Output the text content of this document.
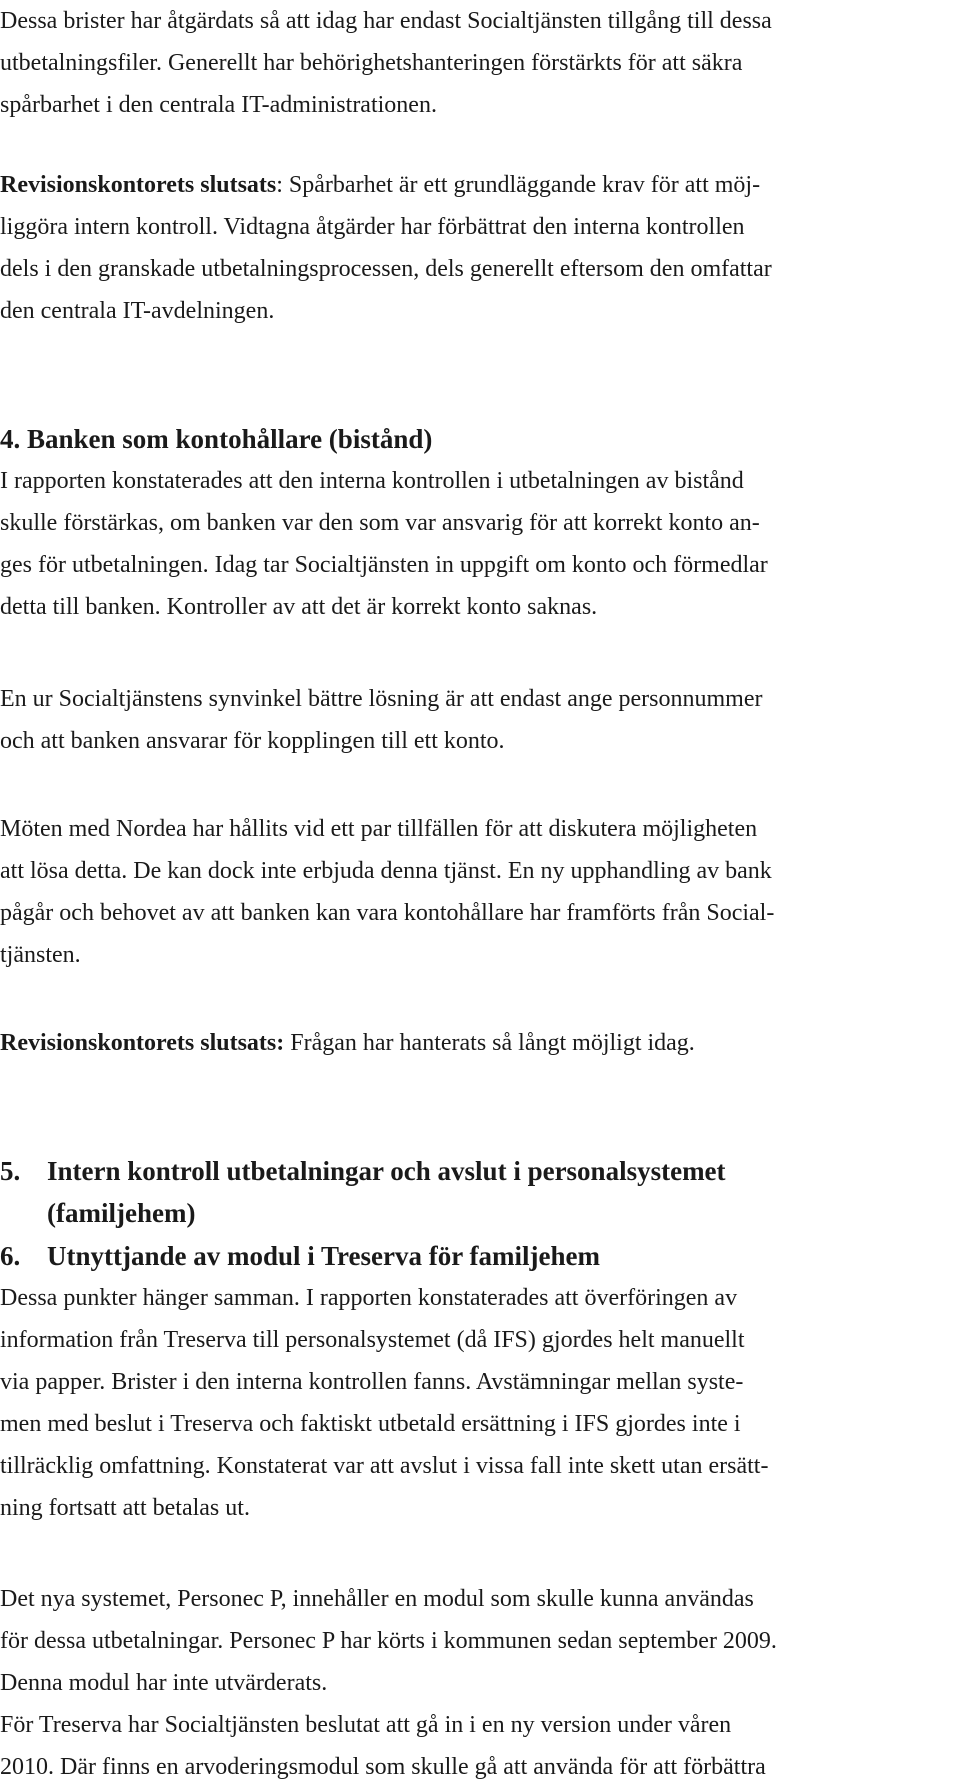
Dessa brister har åtgärdats så att idag har endast Socialtjänsten tillgång till dessa
utbetalningsfiler. Generellt har behörighetshanteringen förstärkts för att säkra
spårbarhet i den centrala IT-administrationen.
Revisionskontorets slutsats: Spårbarhet är ett grundläggande krav för att möj-
liggöra intern kontroll. Vidtagna åtgärder har förbättrat den interna kontrollen
dels i den granskade utbetalningsprocessen, dels generellt eftersom den omfattar
den centrala IT-avdelningen.
4. Banken som kontohållare (bistånd)
I rapporten konstaterades att den interna kontrollen i utbetalningen av bistånd
skulle förstärkas, om banken var den som var ansvarig för att korrekt konto an-
ges för utbetalningen. Idag tar Socialtjänsten in uppgift om konto och förmedlar
detta till banken. Kontroller av att det är korrekt konto saknas.
En ur Socialtjänstens synvinkel bättre lösning är att endast ange personnummer
och att banken ansvarar för kopplingen till ett konto.
Möten med Nordea har hållits vid ett par tillfällen för att diskutera möjligheten
att lösa detta. De kan dock inte erbjuda denna tjänst. En ny upphandling av bank
pågår och behovet av att banken kan vara kontohållare har framförts från Social-
tjänsten.
Revisionskontorets slutsats: Frågan har hanterats så långt möjligt idag.
5. Intern kontroll utbetalningar och avslut i personalsystemet
(familjehem)
6. Utnyttjande av modul i Treserva för familjehem
Dessa punkter hänger samman. I rapporten konstaterades att överföringen av
information från Treserva till personalsystemet (då IFS) gjordes helt manuellt
via papper. Brister i den interna kontrollen fanns. Avstämningar mellan syste-
men med beslut i Treserva och faktiskt utbetald ersättning i IFS gjordes inte i
tillräcklig omfattning. Konstaterat var att avslut i vissa fall inte skett utan ersätt-
ning fortsatt att betalas ut.
Det nya systemet, Personec P, innehåller en modul som skulle kunna användas
för dessa utbetalningar. Personec P har körts i kommunen sedan september 2009.
Denna modul har inte utvärderats.
För Treserva har Socialtjänsten beslutat att gå in i en ny version under våren
2010. Där finns en arvoderingsmodul som skulle gå att använda för att förbättra
